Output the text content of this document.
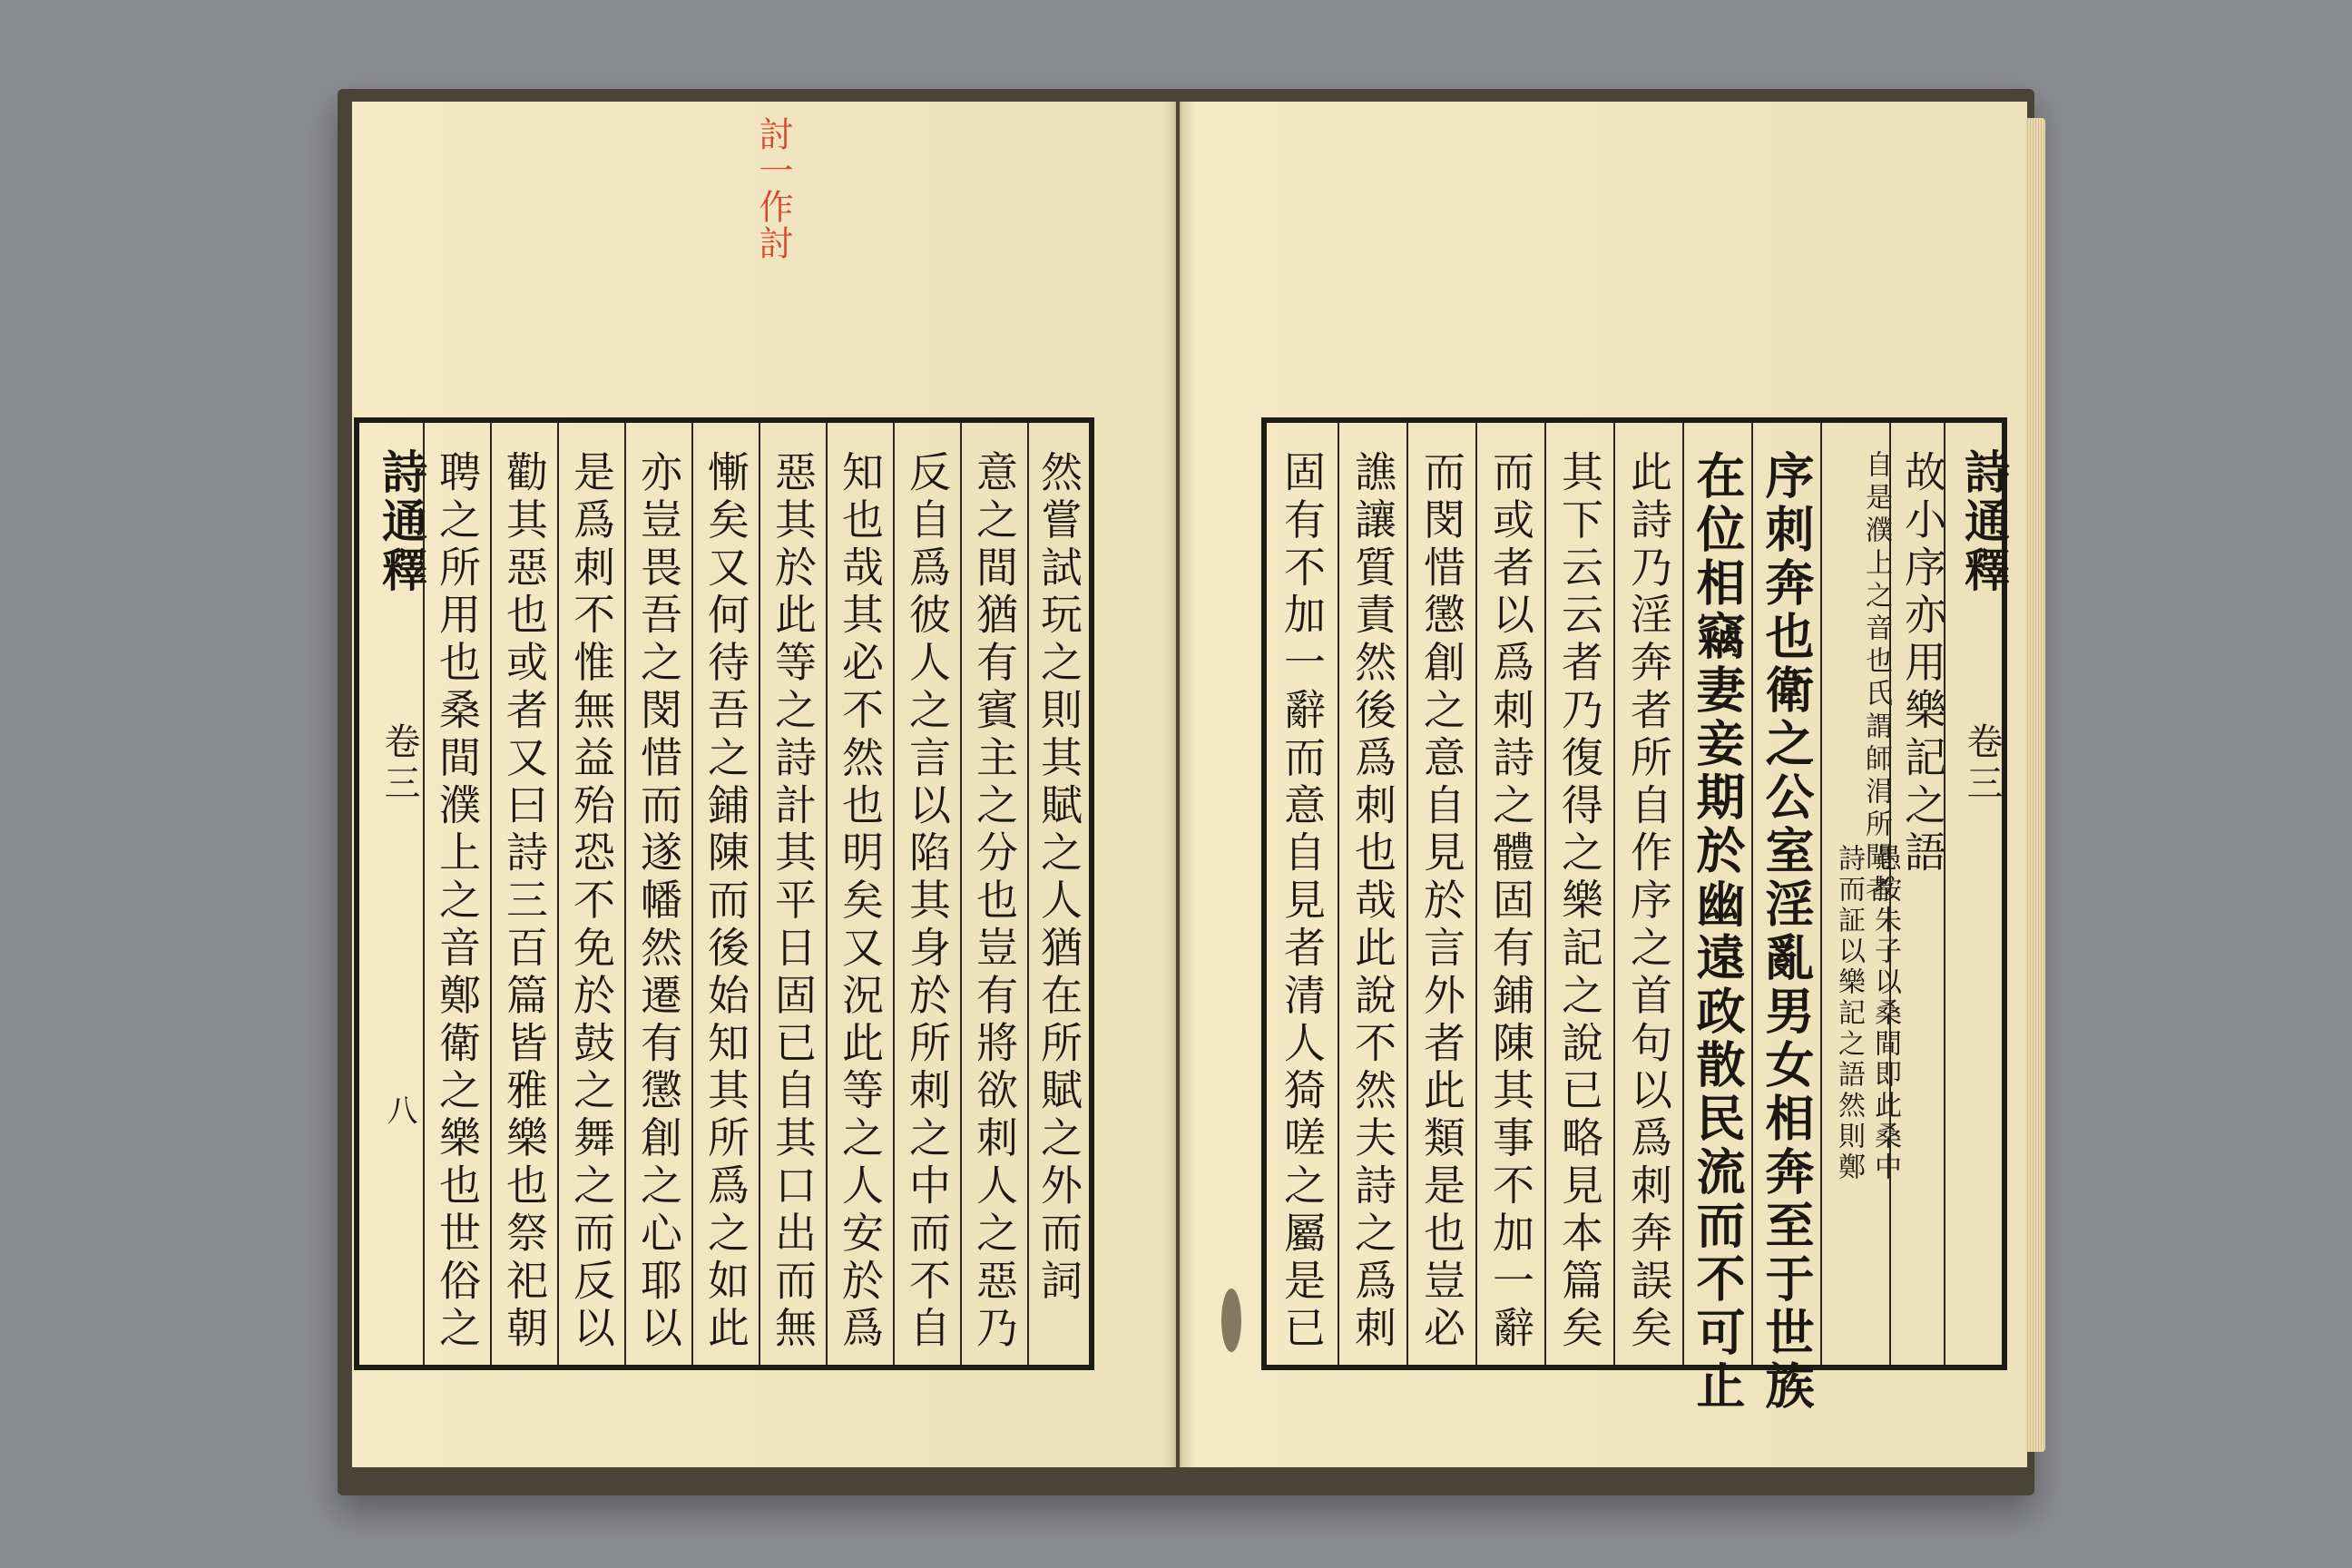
討一作討
詩通釋
卷三
八 聘之所用也桑間濮上之音鄭衛之樂也世俗之 勸其惡也或者又曰詩三百篇皆雅樂也祭祀朝 是爲刺不惟無益殆恐不免於鼓之舞之而反以 亦豈畏吾之閔惜而遂幡然遷有懲創之心耶以 慚矣又何待吾之鋪陳而後始知其所爲之如此 惡其於此等之詩計其平日固已自其口出而無 知也哉其必不然也明矣又況此等之人安於爲 反自爲彼人之言以陷其身於所刺之中而不自 意之間猶有賓主之分也豈有將欲刺人之惡乃 然嘗試玩之則其賦之人猶在所賦之外而詞	固有不加一辭而意自見者清人猗嗟之屬是已 譙讓質責然後爲刺也哉此說不然夫詩之爲刺 而閔惜懲創之意自見於言外者此類是也豈必 而或者以爲刺詩之體固有鋪陳其事不加一辭 其下云云者乃復得之樂記之說已略見本篇矣 此詩乃淫奔者所自作序之首句以爲刺奔誤矣 在位相竊妻妾期於幽遠政散民流而不可止 序刺奔也衛之公室淫亂男女相奔至于世族 自是濮上之音也
氏謂師涓所聞者 故小序亦用樂記之語 詩通釋
卷三
愚按朱子以桑間即此桑中
詩而証以樂記之語然則鄭
